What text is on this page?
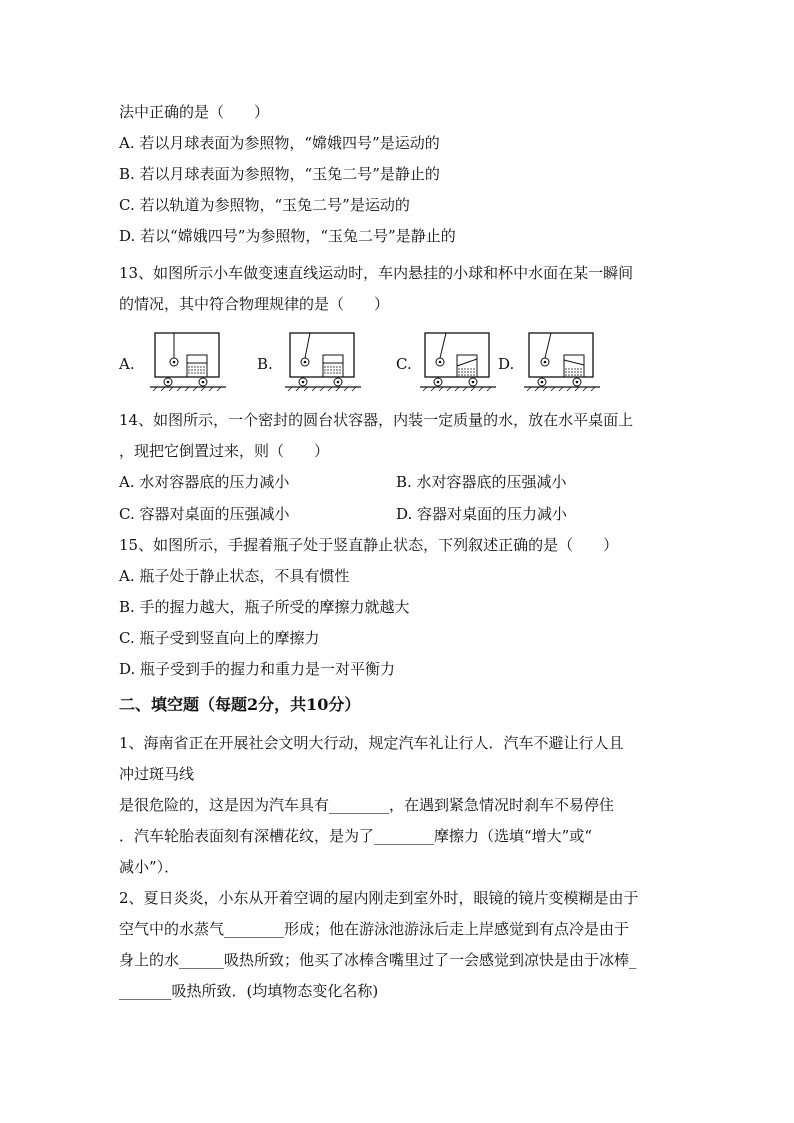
法中正确的是（　　）
A. 若以月球表面为参照物，“嫦娥四号”是运动的
B. 若以月球表面为参照物，“玉兔二号”是静止的
C. 若以轨道为参照物，“玉兔二号”是运动的
D. 若以“嫦娥四号”为参照物，“玉兔二号”是静止的
13、如图所示小车做变速直线运动时，车内悬挂的小球和杯中水面在某一瞬间
的情况，其中符合物理规律的是（　　）
A.	B.	C.	D.
14、如图所示，一个密封的圆台状容器，内装一定质量的水，放在水平桌面上
，现把它倒置过来，则（　　）
A. 水对容器底的压力减小	B. 水对容器底的压强减小
C. 容器对桌面的压强减小	D. 容器对桌面的压力减小
15、如图所示，手握着瓶子处于竖直静止状态，下列叙述正确的是（　　）
A. 瓶子处于静止状态，不具有惯性
B. 手的握力越大，瓶子所受的摩擦力就越大
C. 瓶子受到竖直向上的摩擦力
D. 瓶子受到手的握力和重力是一对平衡力
二、填空题（每题2分，共10分）
1、海南省正在开展社会文明大行动，规定汽车礼让行人．汽车不避让行人且
冲过斑马线
是很危险的，这是因为汽车具有________，在遇到紧急情况时刹车不易停住
．汽车轮胎表面刻有深槽花纹，是为了________摩擦力（选填“增大”或“
减小”）．
2、夏日炎炎，小东从开着空调的屋内刚走到室外时，眼镜的镜片变模糊是由于
空气中的水蒸气________形成；他在游泳池游泳后走上岸感觉到有点冷是由于
身上的水______吸热所致；他买了冰棒含嘴里过了一会感觉到凉快是由于冰棒_
_______吸热所致．(均填物态变化名称)
